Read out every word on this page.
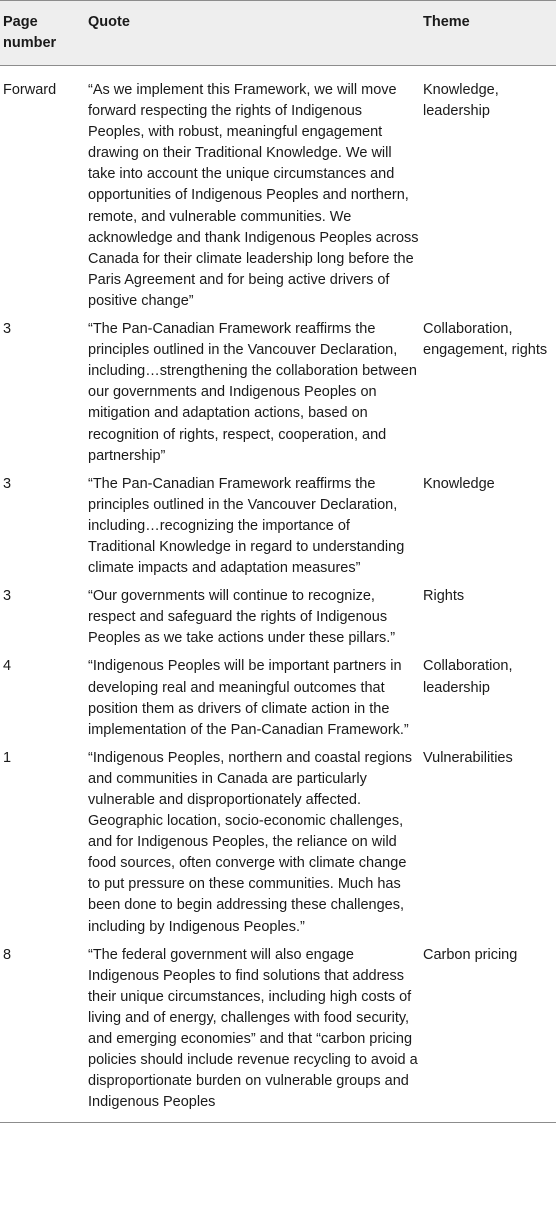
Page number	Quote	Theme
Forward	“As we implement this Framework, we will move forward respecting the rights of Indigenous Peoples, with robust, meaningful engagement drawing on their Traditional Knowledge. We will take into account the unique circumstances and opportunities of Indigenous Peoples and northern, remote, and vulnerable communities. We acknowledge and thank Indigenous Peoples across Canada for their climate leadership long before the Paris Agreement and for being active drivers of positive change”	Knowledge, leadership
3	“The Pan-Canadian Framework reaffirms the principles outlined in the Vancouver Declaration, including…strengthening the collaboration between our governments and Indigenous Peoples on mitigation and adaptation actions, based on recognition of rights, respect, cooperation, and partnership”	Collaboration, engagement, rights
3	“The Pan-Canadian Framework reaffirms the principles outlined in the Vancouver Declaration, including…recognizing the importance of Traditional Knowledge in regard to understanding climate impacts and adaptation measures”	Knowledge
3	“Our governments will continue to recognize, respect and safeguard the rights of Indigenous Peoples as we take actions under these pillars.”	Rights
4	“Indigenous Peoples will be important partners in developing real and meaningful outcomes that position them as drivers of climate action in the implementation of the Pan-Canadian Framework.”	Collaboration, leadership
1	“Indigenous Peoples, northern and coastal regions and communities in Canada are particularly vulnerable and disproportionately affected. Geographic location, socio-economic challenges, and for Indigenous Peoples, the reliance on wild food sources, often converge with climate change to put pressure on these communities. Much has been done to begin addressing these challenges, including by Indigenous Peoples.”	Vulnerabilities
8	“The federal government will also engage Indigenous Peoples to find solutions that address their unique circumstances, including high costs of living and of energy, challenges with food security, and emerging economies” and that “carbon pricing policies should include revenue recycling to avoid a disproportionate burden on vulnerable groups and Indigenous Peoples	Carbon pricing
